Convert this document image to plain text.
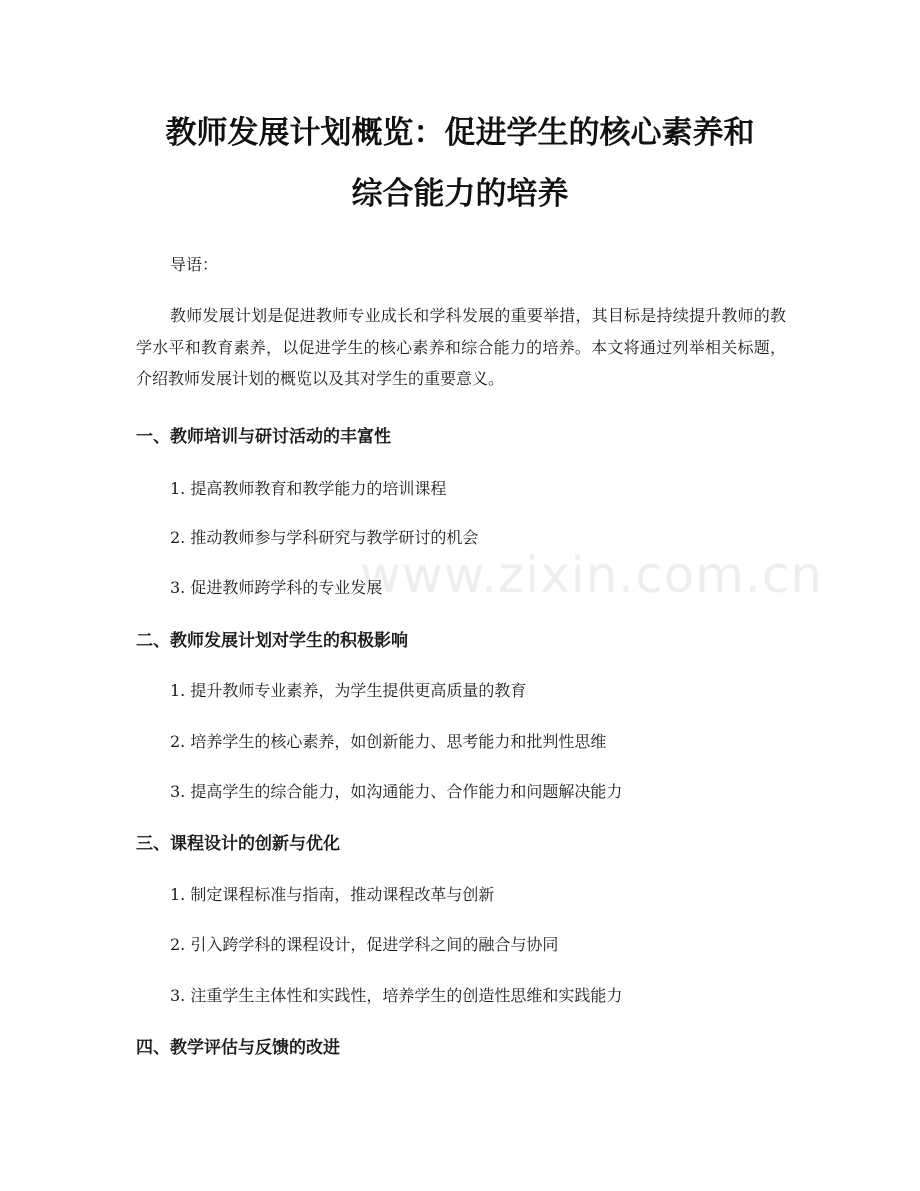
www.zixin.com.cn
教师发展计划概览：促进学生的核心素养和
综合能力的培养
导语：
教师发展计划是促进教师专业成长和学科发展的重要举措，其目标是持续提升教师的教学水平和教育素养，以促进学生的核心素养和综合能力的培养。本文将通过列举相关标题，介绍教师发展计划的概览以及其对学生的重要意义。
一、教师培训与研讨活动的丰富性
1. 提高教师教育和教学能力的培训课程
2. 推动教师参与学科研究与教学研讨的机会
3. 促进教师跨学科的专业发展
二、教师发展计划对学生的积极影响
1. 提升教师专业素养，为学生提供更高质量的教育
2. 培养学生的核心素养，如创新能力、思考能力和批判性思维
3. 提高学生的综合能力，如沟通能力、合作能力和问题解决能力
三、课程设计的创新与优化
1. 制定课程标准与指南，推动课程改革与创新
2. 引入跨学科的课程设计，促进学科之间的融合与协同
3. 注重学生主体性和实践性，培养学生的创造性思维和实践能力
四、教学评估与反馈的改进
